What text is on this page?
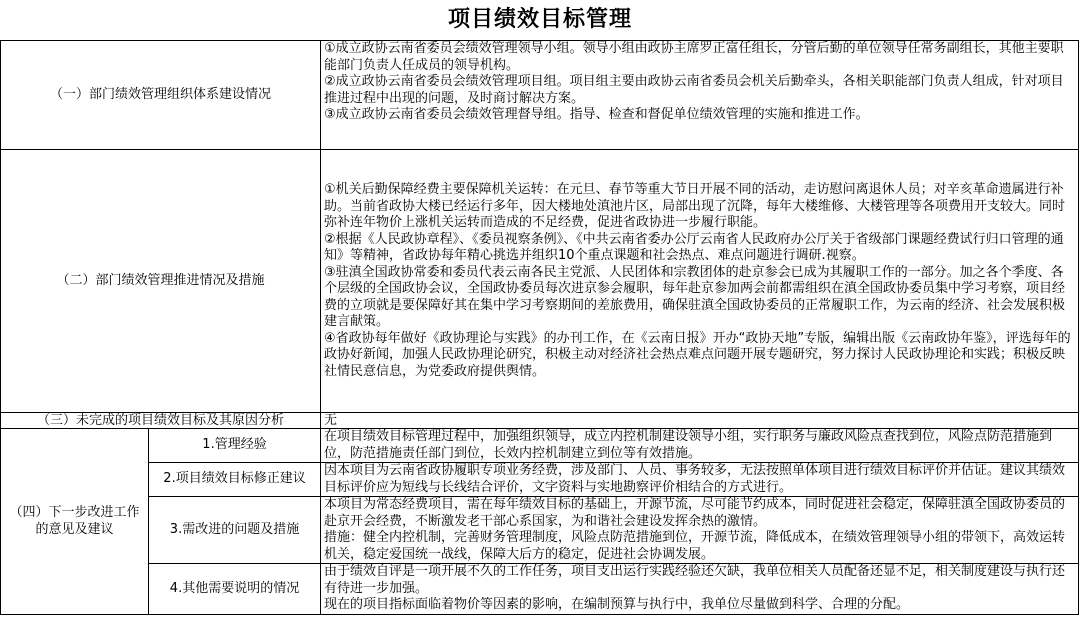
项目绩效目标管理
（一）部门绩效管理组织体系建设情况		①成立政协云南省委员会绩效管理领导小组。领导小组由政协主席罗正富任组长，分管后勤的单位领导任常务副组长，其他主要职能部门负责人任成员的领导机构。

②成立政协云南省委员会绩效管理项目组。项目组主要由政协云南省委员会机关后勤牵头，各相关职能部门负责人组成，针对项目推进过程中出现的问题，及时商讨解决方案。

③成立政协云南省委员会绩效管理督导组。指导、检查和督促单位绩效管理的实施和推进工作。

（二）部门绩效管理推进情况及措施		①机关后勤保障经费主要保障机关运转：在元旦、春节等重大节日开展不同的活动，走访慰问离退休人员；对辛亥革命遗属进行补助。当前省政协大楼已经运行多年，因大楼地处滇池片区，局部出现了沉降，每年大楼维修、大楼管理等各项费用开支较大。同时弥补连年物价上涨机关运转而造成的不足经费，促进省政协进一步履行职能。

②根据《人民政协章程》、《委员视察条例》、《中共云南省委办公厅云南省人民政府办公厅关于省级部门课题经费试行归口管理的通知》等精神，省政协每年精心挑选并组织10个重点课题和社会热点、难点问题进行调研.视察。

③驻滇全国政协常委和委员代表云南各民主党派、人民团体和宗教团体的赴京参会已成为其履职工作的一部分。加之各个季度、各个层级的全国政协会议，全国政协委员每次进京参会履职，每年赴京参加两会前都需组织在滇全国政协委员集中学习考察，项目经费的立项就是要保障好其在集中学习考察期间的差旅费用，确保驻滇全国政协委员的正常履职工作，为云南的经济、社会发展积极建言献策。

④省政协每年做好《政协理论与实践》的办刊工作，在《云南日报》开办“政协天地”专版，编辑出版《云南政协年鉴》，评选每年的政协好新闻，加强人民政协理论研究，积极主动对经济社会热点难点问题开展专题研究，努力探讨人民政协理论和实践；积极反映社情民意信息，为党委政府提供舆情。

（三）未完成的项目绩效目标及其原因分析		无
（四）下一步改进工作的意见及建议	1.管理经验	在项目绩效目标管理过程中，加强组织领导，成立内控机制建设领导小组，实行职务与廉政风险点查找到位，风险点防范措施到位，防范措施责任部门到位，长效内控机制建立到位等有效措施。

	2.项目绩效目标修正建议	因本项目为云南省政协履职专项业务经费，涉及部门、人员、事务较多，无法按照单体项目进行绩效目标评价并估证。建议其绩效目标评价应为短线与长线结合评价，文字资料与实地勘察评价相结合的方式进行。

	3.需改进的问题及措施	本项目为常态经费项目，需在每年绩效目标的基础上，开源节流，尽可能节约成本，同时促进社会稳定，保障驻滇全国政协委员的赴京开会经费，不断激发老干部心系国家，为和谐社会建设发挥余热的激情。

措施：健全内控机制，完善财务管理制度，风险点防范措施到位，开源节流，降低成本，在绩效管理领导小组的带领下，高效运转机关，稳定爱国统一战线，保障大后方的稳定，促进社会协调发展。

	4.其他需要说明的情况	由于绩效自评是一项开展不久的工作任务，项目支出运行实践经验还欠缺，我单位相关人员配备还显不足，相关制度建设与执行还有待进一步加强。

现在的项目指标面临着物价等因素的影响，在编制预算与执行中，我单位尽量做到科学、合理的分配。
